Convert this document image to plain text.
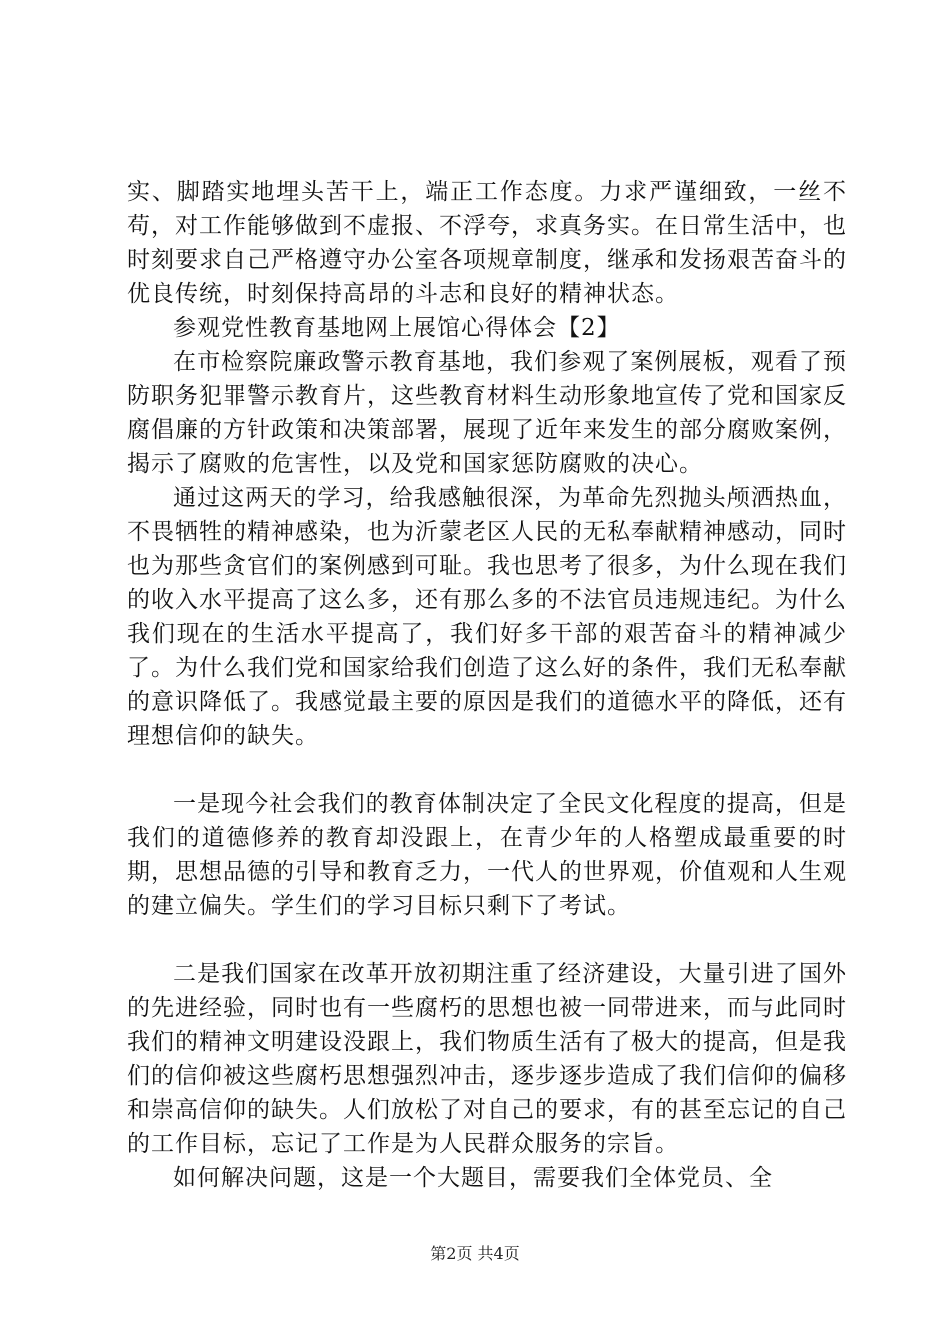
实、脚踏实地埋头苦干上，端正工作态度。力求严谨细致，一丝不苟，对工作能够做到不虚报、不浮夸，求真务实。在日常生活中，也时刻要求自己严格遵守办公室各项规章制度，继承和发扬艰苦奋斗的优良传统，时刻保持高昂的斗志和良好的精神状态。

参观党性教育基地网上展馆心得体会【2】

在市检察院廉政警示教育基地，我们参观了案例展板，观看了预防职务犯罪警示教育片，这些教育材料生动形象地宣传了党和国家反腐倡廉的方针政策和决策部署，展现了近年来发生的部分腐败案例，揭示了腐败的危害性，以及党和国家惩防腐败的决心。

通过这两天的学习，给我感触很深，为革命先烈抛头颅洒热血，不畏牺牲的精神感染，也为沂蒙老区人民的无私奉献精神感动，同时也为那些贪官们的案例感到可耻。我也思考了很多，为什么现在我们的收入水平提高了这么多，还有那么多的不法官员违规违纪。为什么我们现在的生活水平提高了，我们好多干部的艰苦奋斗的精神减少了。为什么我们党和国家给我们创造了这么好的条件，我们无私奉献的意识降低了。我感觉最主要的原因是我们的道德水平的降低，还有理想信仰的缺失。

一是现今社会我们的教育体制决定了全民文化程度的提高，但是我们的道德修养的教育却没跟上，在青少年的人格塑成最重要的时期，思想品德的引导和教育乏力，一代人的世界观，价值观和人生观的建立偏失。学生们的学习目标只剩下了考试。

二是我们国家在改革开放初期注重了经济建设，大量引进了国外的先进经验，同时也有一些腐朽的思想也被一同带进来，而与此同时我们的精神文明建设没跟上，我们物质生活有了极大的提高，但是我们的信仰被这些腐朽思想强烈冲击，逐步逐步造成了我们信仰的偏移和崇高信仰的缺失。人们放松了对自己的要求，有的甚至忘记的自己的工作目标，忘记了工作是为人民群众服务的宗旨。

如何解决问题，这是一个大题目，需要我们全体党员、全

第2页 共4页
